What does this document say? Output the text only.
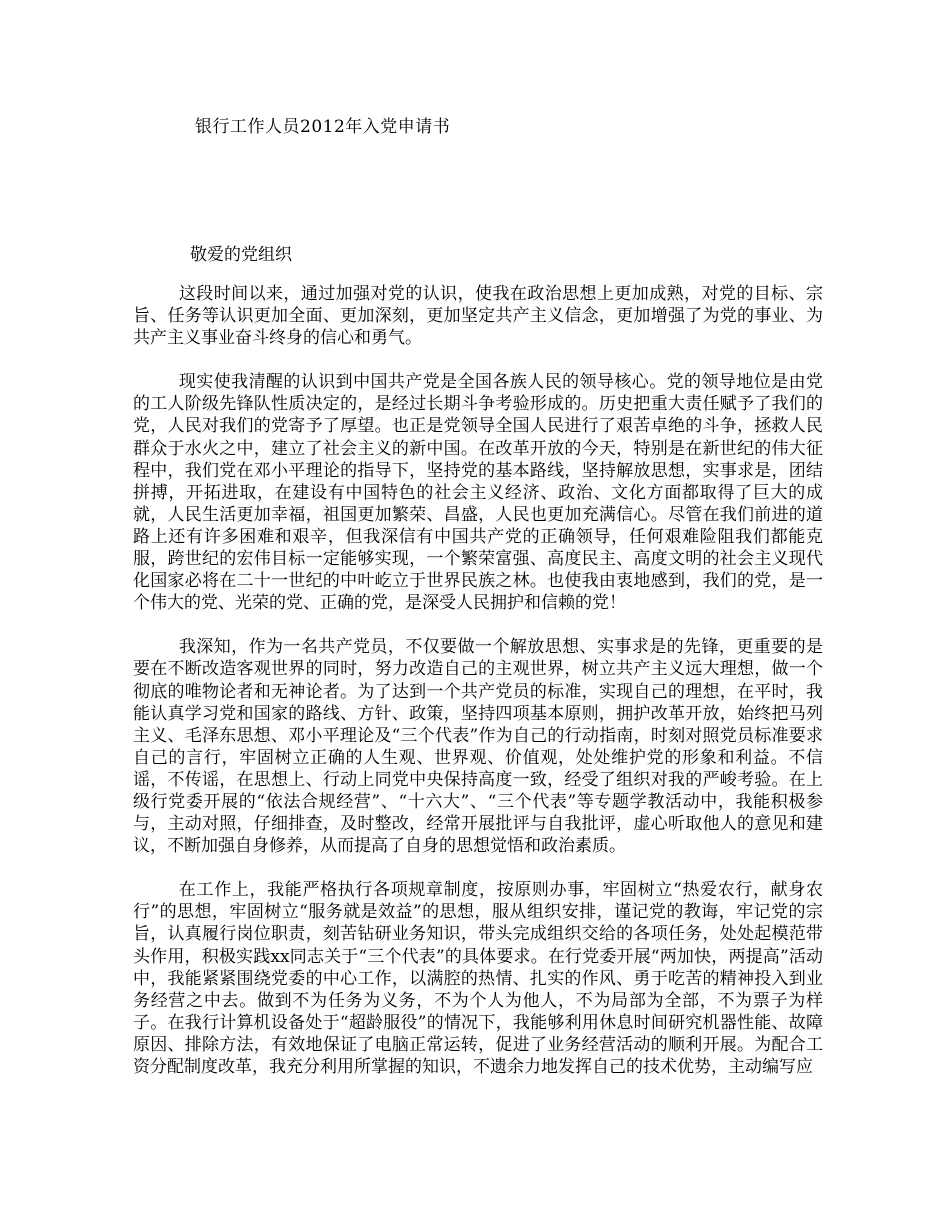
银行工作人员2012年入党申请书
敬爱的党组织

这段时间以来，通过加强对党的认识，使我在政治思想上更加成熟，对党的目标、宗旨、任务等认识更加全面、更加深刻，更加坚定共产主义信念，更加增强了为党的事业、为共产主义事业奋斗终身的信心和勇气。

现实使我清醒的认识到中国共产党是全国各族人民的领导核心。党的领导地位是由党的工人阶级先锋队性质决定的，是经过长期斗争考验形成的。历史把重大责任赋予了我们的党，人民对我们的党寄予了厚望。也正是党领导全国人民进行了艰苦卓绝的斗争，拯救人民群众于水火之中，建立了社会主义的新中国。在改革开放的今天，特别是在新世纪的伟大征程中，我们党在邓小平理论的指导下，坚持党的基本路线，坚持解放思想，实事求是，团结拼搏，开拓进取，在建设有中国特色的社会主义经济、政治、文化方面都取得了巨大的成就，人民生活更加幸福，祖国更加繁荣、昌盛，人民也更加充满信心。尽管在我们前进的道路上还有许多困难和艰辛，但我深信有中国共产党的正确领导，任何艰难险阻我们都能克服，跨世纪的宏伟目标一定能够实现，一个繁荣富强、高度民主、高度文明的社会主义现代化国家必将在二十一世纪的中叶屹立于世界民族之林。也使我由衷地感到，我们的党，是一个伟大的党、光荣的党、正确的党，是深受人民拥护和信赖的党！

我深知，作为一名共产党员，不仅要做一个解放思想、实事求是的先锋，更重要的是要在不断改造客观世界的同时，努力改造自己的主观世界，树立共产主义远大理想，做一个彻底的唯物论者和无神论者。为了达到一个共产党员的标准，实现自己的理想，在平时，我能认真学习党和国家的路线、方针、政策，坚持四项基本原则，拥护改革开放，始终把马列主义、毛泽东思想、邓小平理论及“三个代表”作为自己的行动指南，时刻对照党员标准要求自己的言行，牢固树立正确的人生观、世界观、价值观，处处维护党的形象和利益。不信谣，不传谣，在思想上、行动上同党中央保持高度一致，经受了组织对我的严峻考验。在上级行党委开展的“依法合规经营”、“十六大”、“三个代表”等专题学教活动中，我能积极参与，主动对照，仔细排查，及时整改，经常开展批评与自我批评，虚心听取他人的意见和建议，不断加强自身修养，从而提高了自身的思想觉悟和政治素质。

在工作上，我能严格执行各项规章制度，按原则办事，牢固树立“热爱农行，献身农行”的思想，牢固树立“服务就是效益”的思想，服从组织安排，谨记党的教诲，牢记党的宗旨，认真履行岗位职责，刻苦钻研业务知识，带头完成组织交给的各项任务，处处起模范带头作用，积极实践xx同志关于“三个代表”的具体要求。在行党委开展“两加快，两提高”活动中，我能紧紧围绕党委的中心工作，以满腔的热情、扎实的作风、勇于吃苦的精神投入到业务经营之中去。做到不为任务为义务，不为个人为他人，不为局部为全部，不为票子为样子。在我行计算机设备处于“超龄服役”的情况下，我能够利用休息时间研究机器性能、故障原因、排除方法，有效地保证了电脑正常运转，促进了业务经营活动的顺利开展。为配合工资分配制度改革，我充分利用所掌握的知识，不遗余力地发挥自己的技术优势，主动编写应
